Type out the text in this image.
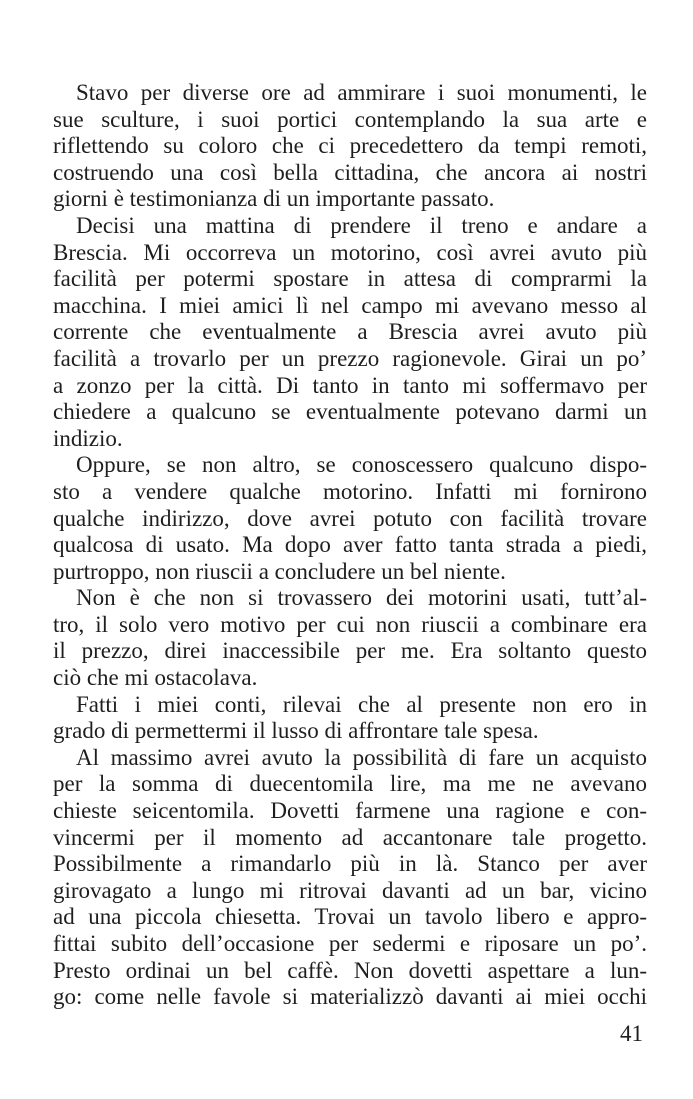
Stavo per diverse ore ad ammirare i suoi monumenti, le
sue sculture, i suoi portici contemplando la sua arte e
riflettendo su coloro che ci precedettero da tempi remoti,
costruendo una così bella cittadina, che ancora ai nostri
giorni è testimonianza di un importante passato.
Decisi una mattina di prendere il treno e andare a
Brescia. Mi occorreva un motorino, così avrei avuto più
facilità per potermi spostare in attesa di comprarmi la
macchina. I miei amici lì nel campo mi avevano messo al
corrente che eventualmente a Brescia avrei avuto più
facilità a trovarlo per un prezzo ragionevole. Girai un po’
a zonzo per la città. Di tanto in tanto mi soffermavo per
chiedere a qualcuno se eventualmente potevano darmi un
indizio.
Oppure, se non altro, se conoscessero qualcuno dispo-
sto a vendere qualche motorino. Infatti mi fornirono
qualche indirizzo, dove avrei potuto con facilità trovare
qualcosa di usato. Ma dopo aver fatto tanta strada a piedi,
purtroppo, non riuscii a concludere un bel niente.
Non è che non si trovassero dei motorini usati, tutt’al-
tro, il solo vero motivo per cui non riuscii a combinare era
il prezzo, direi inaccessibile per me. Era soltanto questo
ciò che mi ostacolava.
Fatti i miei conti, rilevai che al presente non ero in
grado di permettermi il lusso di affrontare tale spesa.
Al massimo avrei avuto la possibilità di fare un acquisto
per la somma di duecentomila lire, ma me ne avevano
chieste seicentomila. Dovetti farmene una ragione e con-
vincermi per il momento ad accantonare tale progetto.
Possibilmente a rimandarlo più in là. Stanco per aver
girovagato a lungo mi ritrovai davanti ad un bar, vicino
ad una piccola chiesetta. Trovai un tavolo libero e appro-
fittai subito dell’occasione per sedermi e riposare un po’.
Presto ordinai un bel caffè. Non dovetti aspettare a lun-
go: come nelle favole si materializzò davanti ai miei occhi
41
